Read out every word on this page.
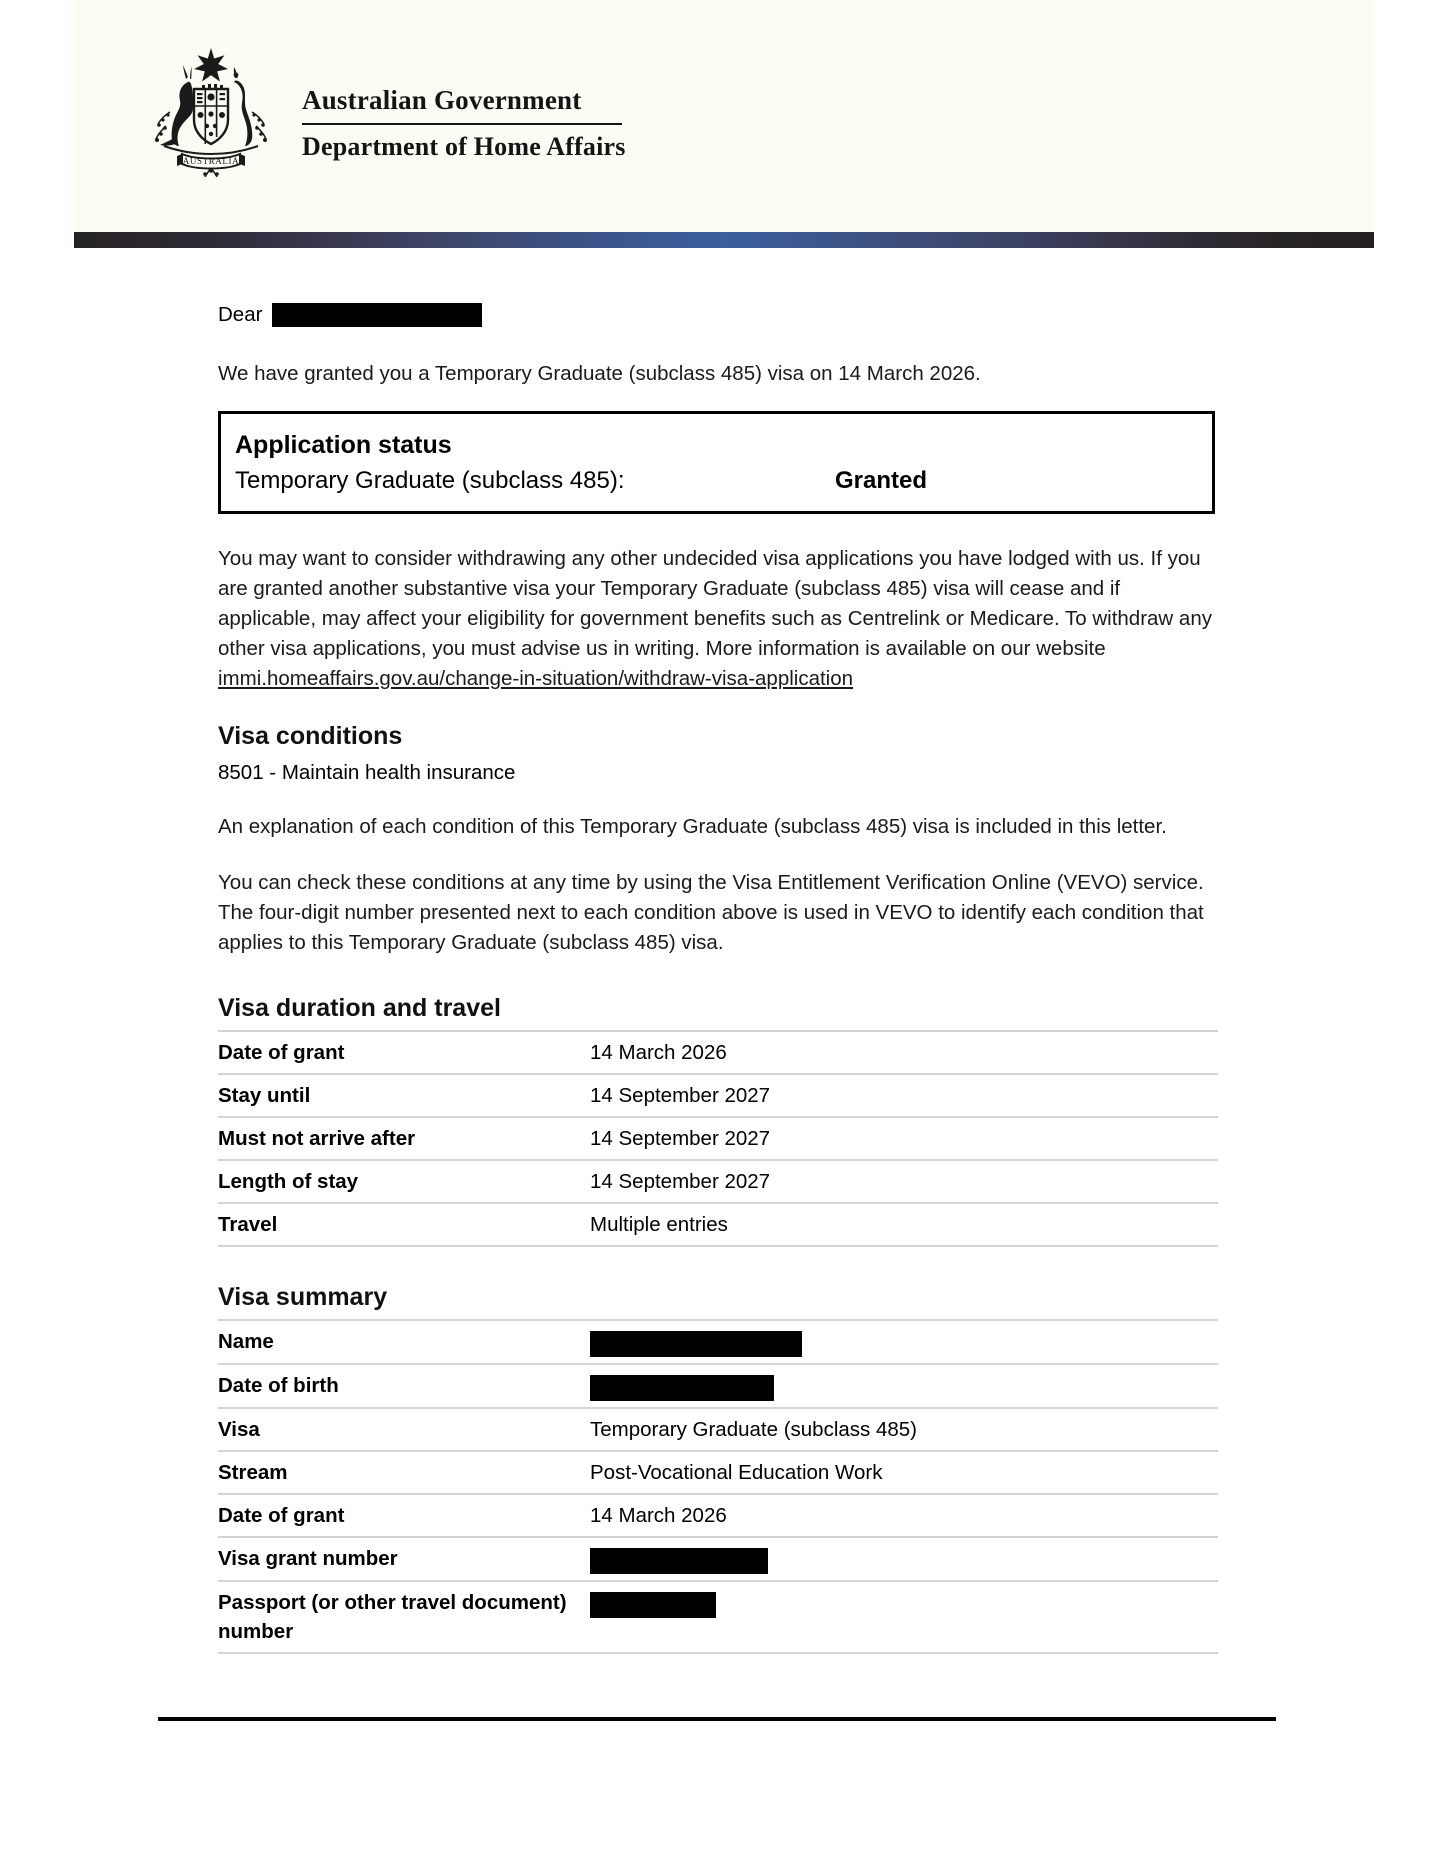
AUSTRALIA
Australian Government
Department of Home Affairs
Dear

We have granted you a Temporary Graduate (subclass 485) visa on 14 March 2026.

Application status
Temporary Graduate (subclass 485):	Granted

You may want to consider withdrawing any other undecided visa applications you have lodged with us. If you are granted another substantive visa your Temporary Graduate (subclass 485) visa will cease and if applicable, may affect your eligibility for government benefits such as Centrelink or Medicare. To withdraw any other visa applications, you must advise us in writing. More information is available on our website immi.homeaffairs.gov.au/change-in-situation/withdraw-visa-application

Visa conditions
8501 - Maintain health insurance

An explanation of each condition of this Temporary Graduate (subclass 485) visa is included in this letter.

You can check these conditions at any time by using the Visa Entitlement Verification Online (VEVO) service. The four-digit number presented next to each condition above is used in VEVO to identify each condition that applies to this Temporary Graduate (subclass 485) visa.

Visa duration and travel
Date of grant	14 March 2026
Stay until	14 September 2027
Must not arrive after	14 September 2027
Length of stay	14 September 2027
Travel	Multiple entries
Visa summary
Name	
Date of birth	
Visa	Temporary Graduate (subclass 485)
Stream	Post-Vocational Education Work
Date of grant	14 March 2026
Visa grant number	
Passport (or other travel document) number	
